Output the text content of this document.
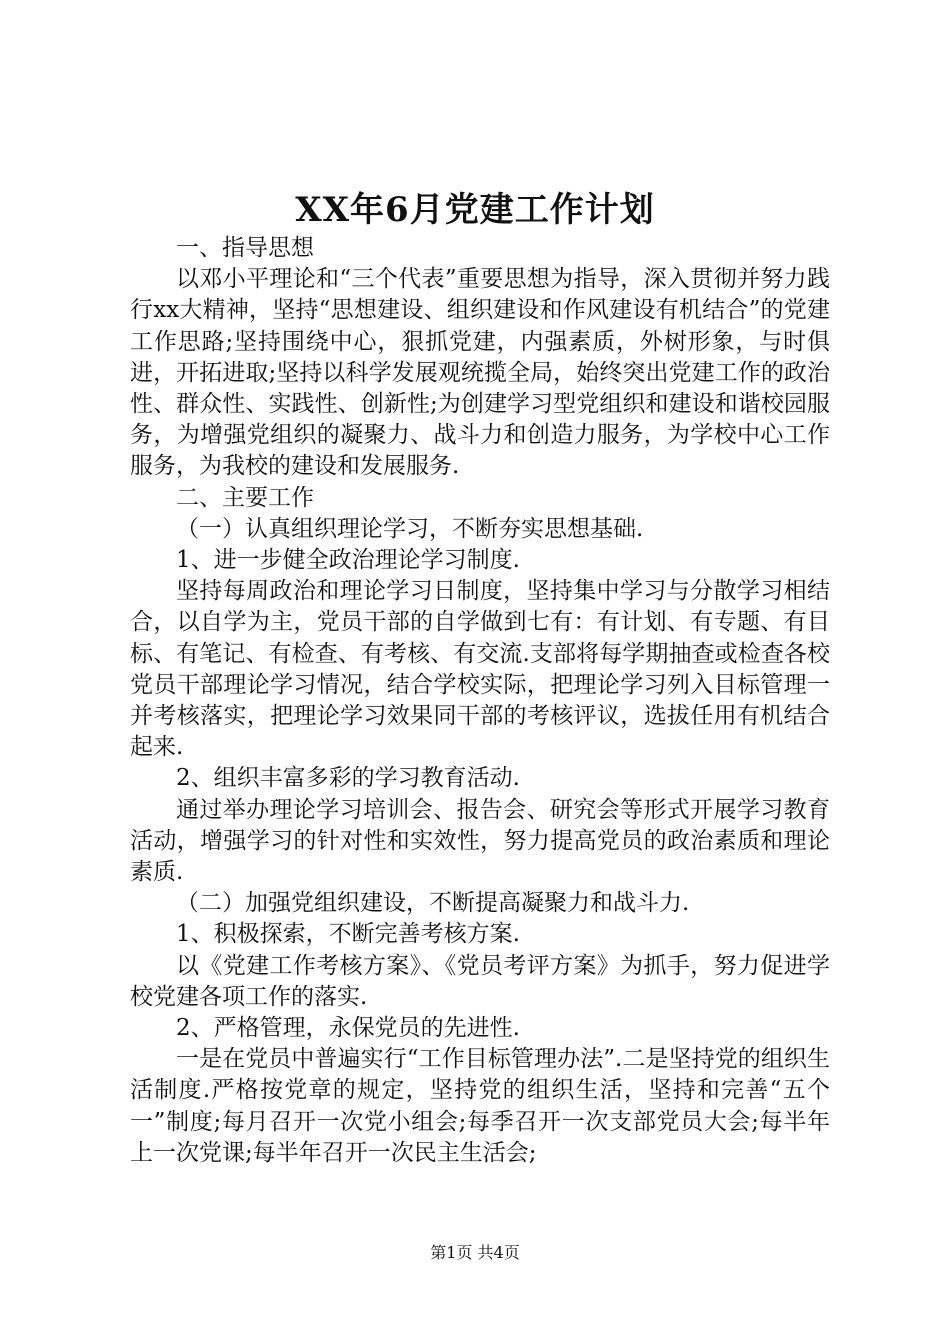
XX年6月党建工作计划

一、指导思想

以邓小平理论和“三个代表”重要思想为指导，深入贯彻并努力践行xx大精神，坚持“思想建设、组织建设和作风建设有机结合”的党建工作思路;坚持围绕中心，狠抓党建，内强素质，外树形象，与时俱进，开拓进取;坚持以科学发展观统揽全局，始终突出党建工作的政治性、群众性、实践性、创新性;为创建学习型党组织和建设和谐校园服务，为增强党组织的凝聚力、战斗力和创造力服务，为学校中心工作服务，为我校的建设和发展服务.

二、主要工作

（一）认真组织理论学习，不断夯实思想基础.

1、进一步健全政治理论学习制度.

坚持每周政治和理论学习日制度，坚持集中学习与分散学习相结合，以自学为主，党员干部的自学做到七有：有计划、有专题、有目标、有笔记、有检查、有考核、有交流.支部将每学期抽查或检查各校党员干部理论学习情况，结合学校实际，把理论学习列入目标管理一并考核落实，把理论学习效果同干部的考核评议，选拔任用有机结合起来.

2、组织丰富多彩的学习教育活动.

通过举办理论学习培训会、报告会、研究会等形式开展学习教育活动，增强学习的针对性和实效性，努力提高党员的政治素质和理论素质.

（二）加强党组织建设，不断提高凝聚力和战斗力.

1、积极探索，不断完善考核方案.

以《党建工作考核方案》、《党员考评方案》为抓手，努力促进学校党建各项工作的落实.

2、严格管理，永保党员的先进性.

一是在党员中普遍实行“工作目标管理办法”.二是坚持党的组织生活制度.严格按党章的规定，坚持党的组织生活，坚持和完善“五个一”制度;每月召开一次党小组会;每季召开一次支部党员大会;每半年上一次党课;每半年召开一次民主生活会;

第1页 共4页
